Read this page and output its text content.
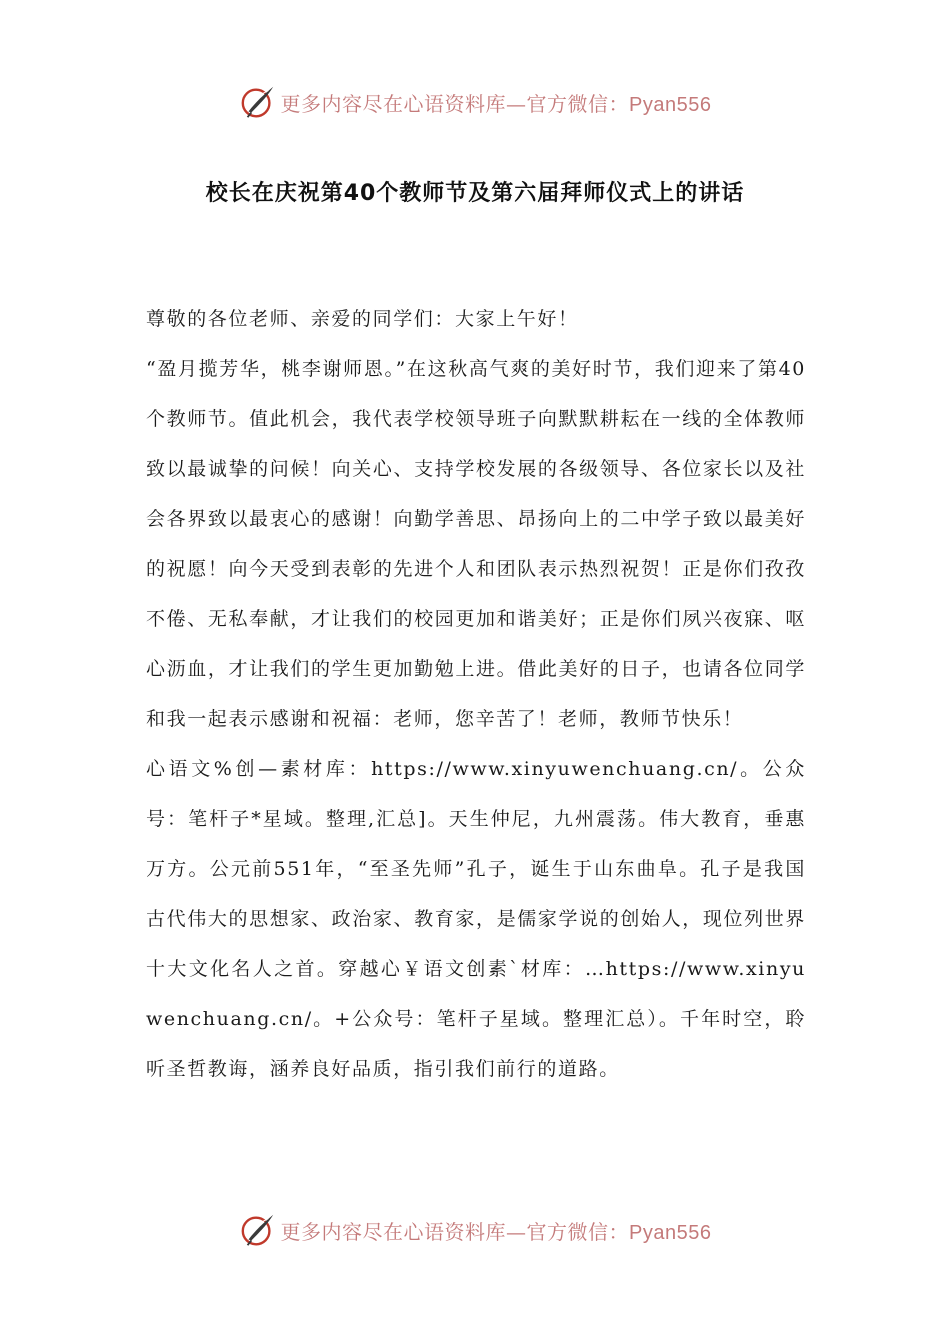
更多内容尽在心语资料库—官方微信：Pyan556
校长在庆祝第40个教师节及第六届拜师仪式上的讲话

尊敬的各位老师、亲爱的同学们：大家上午好！

“盈月揽芳华，桃李谢师恩。”在这秋高气爽的美好时节，我们迎来了第40个教师节。值此机会，我代表学校领导班子向默默耕耘在一线的全体教师致以最诚挚的问候！向关心、支持学校发展的各级领导、各位家长以及社会各界致以最衷心的感谢！向勤学善思、昂扬向上的二中学子致以最美好的祝愿！向今天受到表彰的先进个人和团队表示热烈祝贺！正是你们孜孜不倦、无私奉献，才让我们的校园更加和谐美好；正是你们夙兴夜寐、呕心沥血，才让我们的学生更加勤勉上进。借此美好的日子，也请各位同学和我一起表示感谢和祝福：老师，您辛苦了！老师，教师节快乐！

心语文%创—素材库：https://www.xinyuwenchuang.cn/。公众号：笔杆子*星域。整理,汇总]。天生仲尼，九州震荡。伟大教育，垂惠万方。公元前551年，“至圣先师”孔子，诞生于山东曲阜。孔子是我国古代伟大的思想家、政治家、教育家，是儒家学说的创始人，现位列世界十大文化名人之首。穿越心￥语文创素`材库：…https://www.xinyuwenchuang.cn/。+公众号：笔杆子星域。整理汇总）。千年时空，聆听圣哲教诲，涵养良好品质，指引我们前行的道路。

更多内容尽在心语资料库—官方微信：Pyan556
